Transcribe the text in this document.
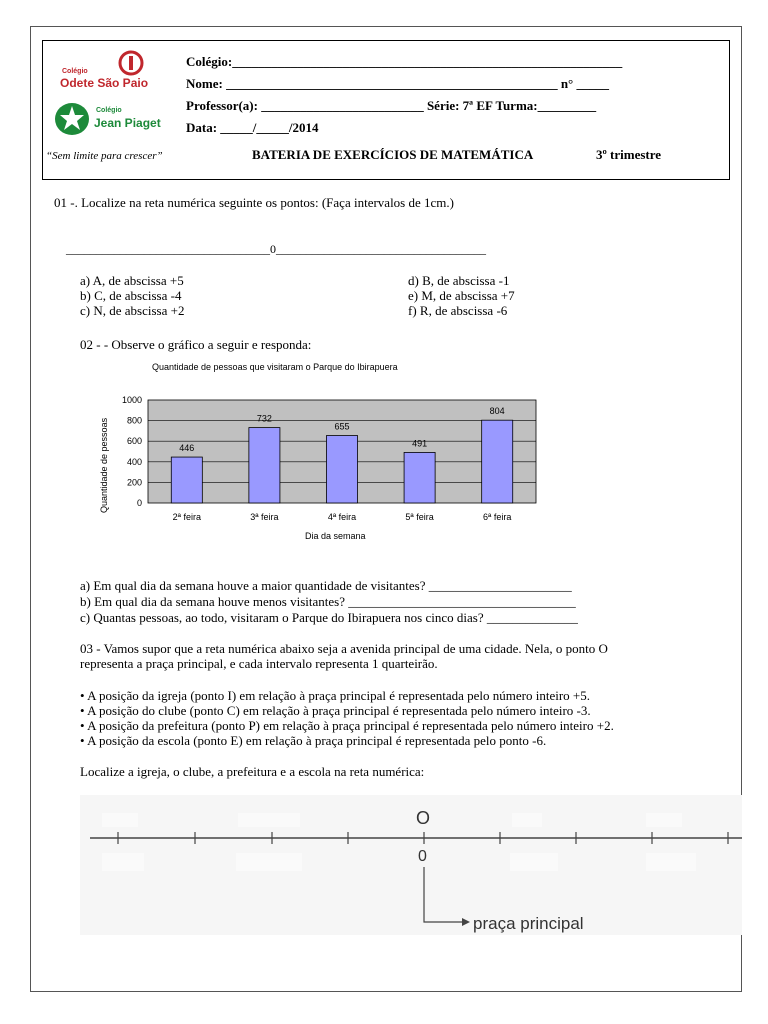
Colégio
Odete São Paio
Colégio
Jean Piaget
“Sem limite para crescer”
Colégio:____________________________________________________________
Nome: ___________________________________________________ n° _____
Professor(a): _________________________ Série: 7ª EF Turma:_________
Data: _____/_____/2014
BATERIA DE EXERCÍCIOS DE MATEMÁTICA	3º trimestre
01 -. Localize na reta numérica seguinte os pontos: (Faça intervalos de 1cm.)
__________________________________0___________________________________
a) A, de abscissa +5
b) C, de abscissa -4
c) N, de abscissa +2
d) B, de abscissa -1
e) M, de abscissa +7
f) R, de abscissa -6
02 - - Observe o gráfico a seguir e responda:
Quantidade de pessoas que visitaram o Parque do Ibirapuera
446
732
655
491
804
0
200
400
600
800
1000
2ª feira	3ª feira	4ª feira	5ª feira	6ª feira
Dia da semana
Quantidade de pessoas
a) Em qual dia da semana houve a maior quantidade de visitantes? ______________________
b) Em qual dia da semana houve menos visitantes? ___________________________________
c) Quantas pessoas, ao todo, visitaram o Parque do Ibirapuera nos cinco dias? ______________
03 - Vamos supor que a reta numérica abaixo seja a avenida principal de uma cidade. Nela, o ponto O
representa a praça principal, e cada intervalo representa 1 quarteirão.
• A posição da igreja (ponto I) em relação à praça principal é representada pelo número inteiro +5.
• A posição do clube (ponto C) em relação à praça principal é representada pelo número inteiro -3.
• A posição da prefeitura (ponto P) em relação à praça principal é representada pelo número inteiro +2.
• A posição da escola (ponto E) em relação à praça principal é representada pelo ponto -6.
Localize a igreja, o clube, a prefeitura e a escola na reta numérica:
O
0
praça principal
